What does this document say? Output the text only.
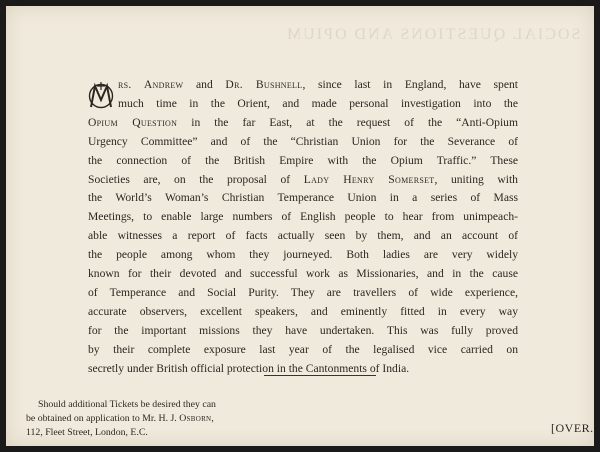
SOCIAL QUESTIONS AND OPIUM
rs. Andrew and Dr. Bushnell, since last in England, have spent
much time in the Orient, and made personal investigation into the
Opium Question in the far East, at the request of the “Anti-Opium
Urgency Committee” and of the “Christian Union for the Severance of
the connection of the British Empire with the Opium Traffic.” These
Societies are, on the proposal of Lady Henry Somerset, uniting with
the World’s Woman’s Christian Temperance Union in a series of Mass
Meetings, to enable large numbers of English people to hear from unimpeach-
able witnesses a report of facts actually seen by them, and an account of
the people among whom they journeyed. Both ladies are very widely
known for their devoted and successful work as Missionaries, and in the cause
of Temperance and Social Purity. They are travellers of wide experience,
accurate observers, excellent speakers, and eminently fitted in every way
for the important missions they have undertaken. This was fully proved
by their complete exposure last year of the legalised vice carried on
secretly under British official protection in the Cantonments of India.
Should additional Tickets be desired they can
be obtained on application to Mr. H. J. Osborn,
112, Fleet Street, London, E.C.	[OVER.
